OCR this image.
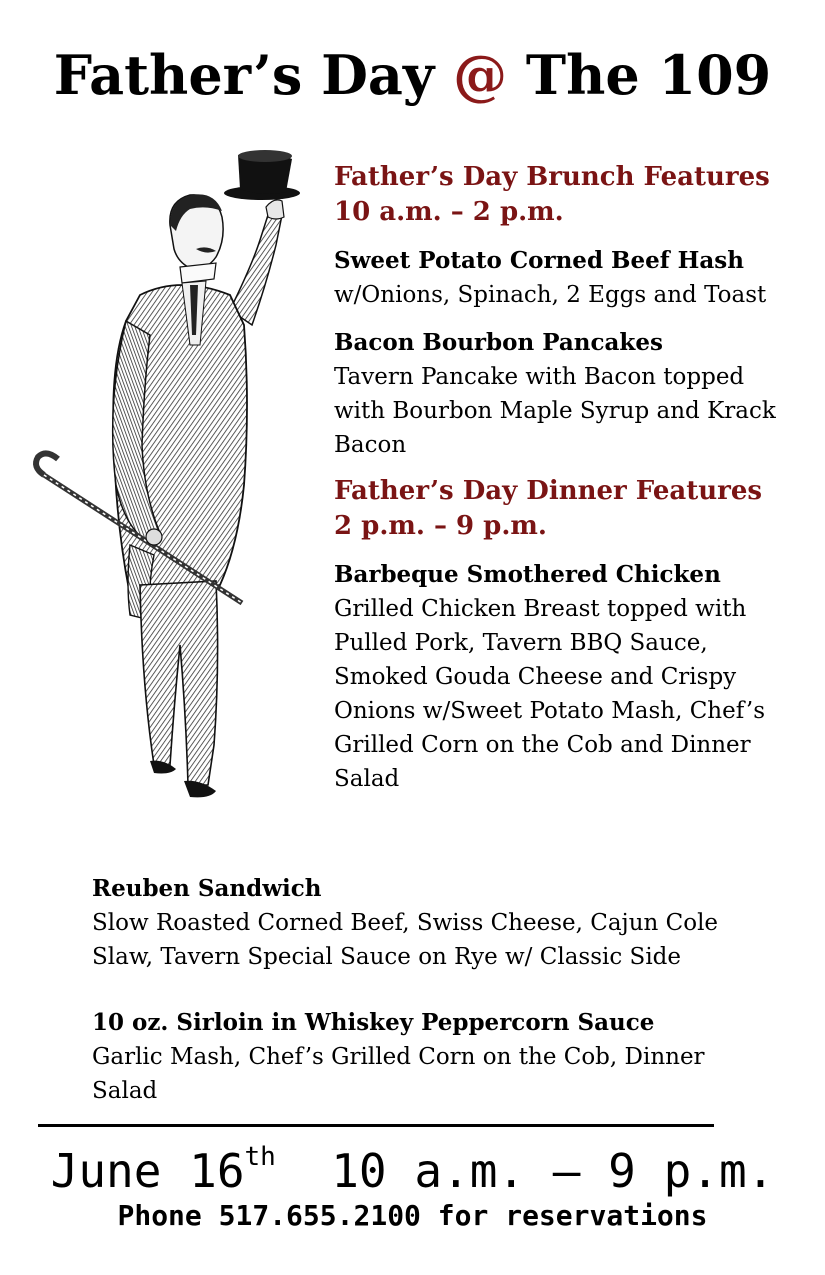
Father’s Day @ The 109

Father’s Day Brunch Features

10 a.m. – 2 p.m.

Sweet Potato Corned Beef Hash
w/Onions, Spinach, 2 Eggs and Toast
Bacon Bourbon Pancakes
Tavern Pancake with Bacon topped with Bourbon Maple Syrup and Krack Bacon

Father’s Day Dinner Features

2 p.m. – 9 p.m.

Barbeque Smothered Chicken
Grilled Chicken Breast topped with Pulled Pork, Tavern BBQ Sauce, Smoked Gouda Cheese and Crispy Onions w/Sweet Potato Mash, Chef’s Grilled Corn on the Cob and Dinner Salad
Reuben Sandwich
Slow Roasted Corned Beef, Swiss Cheese, Cajun Cole Slaw, Tavern Special Sauce on Rye w/ Classic Side
10 oz. Sirloin in Whiskey Peppercorn Sauce
Garlic Mash, Chef’s Grilled Corn on the Cob, Dinner Salad
June 16th 10 a.m. – 9 p.m.
Phone 517.655.2100 for reservations
